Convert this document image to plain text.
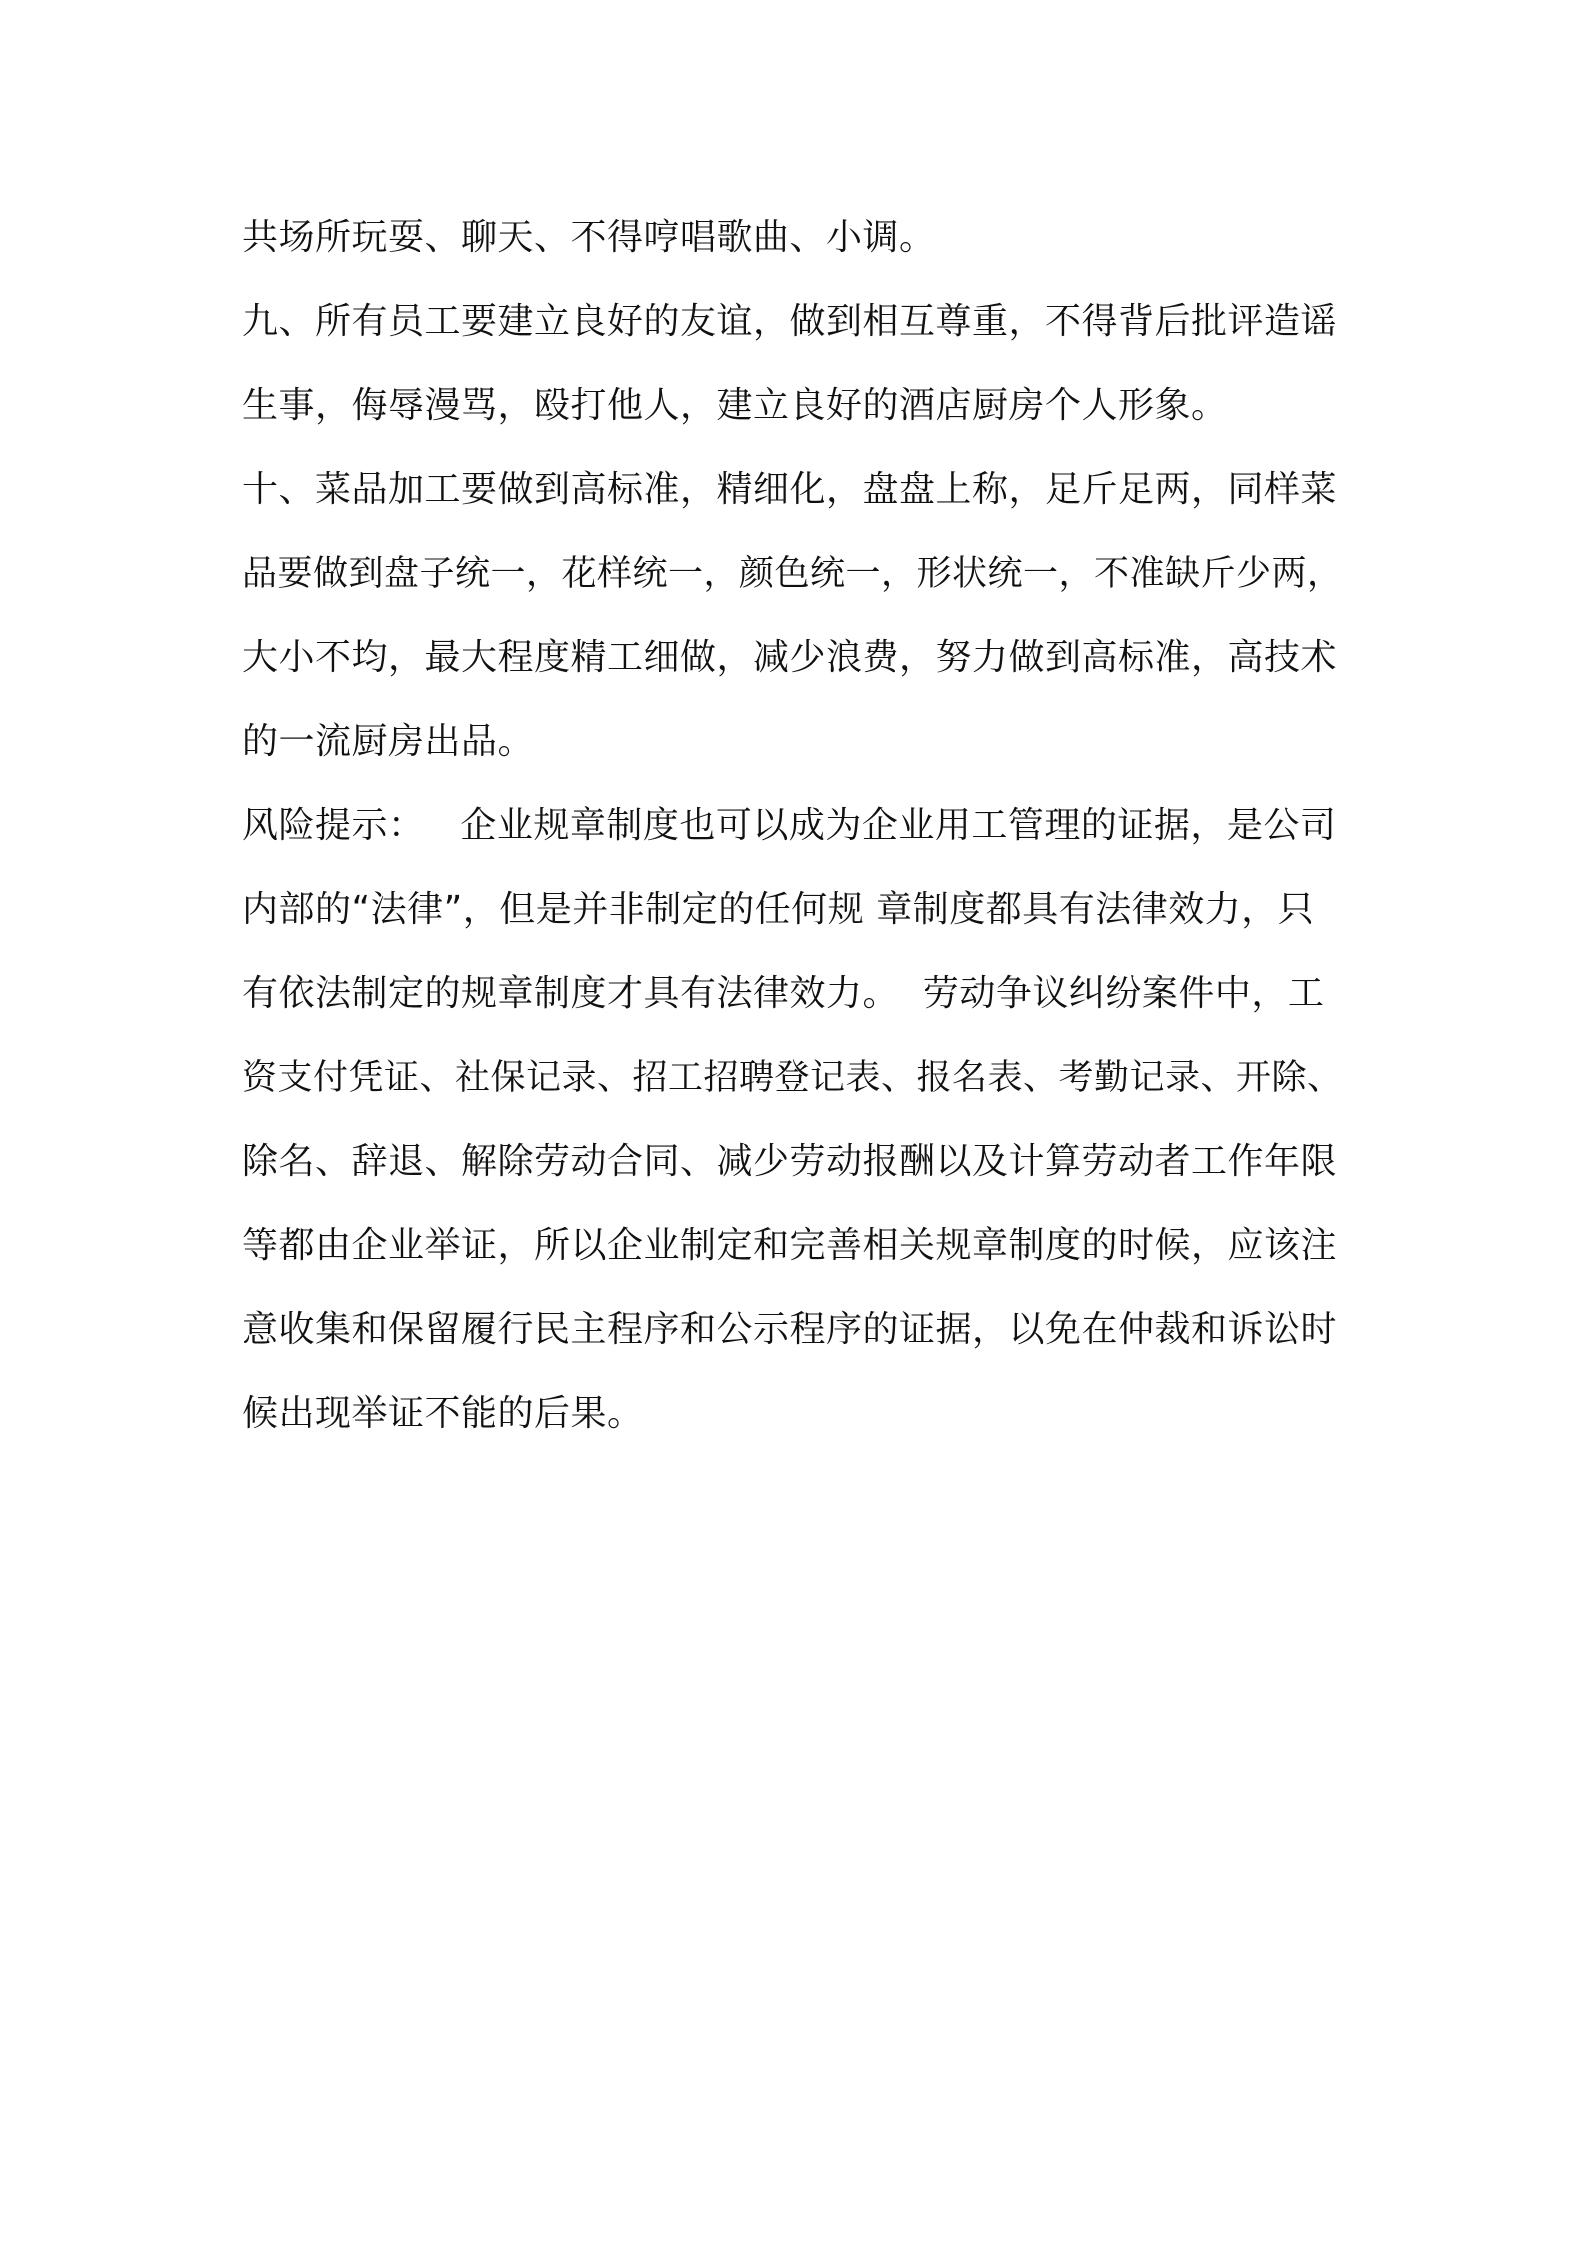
共场所玩耍、聊天、不得哼唱歌曲、小调。
九、所有员工要建立良好的友谊，做到相互尊重，不得背后批评造谣
生事，侮辱漫骂，殴打他人，建立良好的酒店厨房个人形象。
十、菜品加工要做到高标准，精细化，盘盘上称，足斤足两，同样菜
品要做到盘子统一，花样统一，颜色统一，形状统一，不准缺斤少两，
大小不均，最大程度精工细做，减少浪费，努力做到高标准，高技术
的一流厨房出品。
风险提示：   企业规章制度也可以成为企业用工管理的证据，是公司
内部的“法律”，但是并非制定的任何规 章制度都具有法律效力，只
有依法制定的规章制度才具有法律效力。  劳动争议纠纷案件中，工
资支付凭证、社保记录、招工招聘登记表、报名表、考勤记录、开除、
除名、辞退、解除劳动合同、减少劳动报酬以及计算劳动者工作年限
等都由企业举证，所以企业制定和完善相关规章制度的时候，应该注
意收集和保留履行民主程序和公示程序的证据，以免在仲裁和诉讼时
候出现举证不能的后果。
